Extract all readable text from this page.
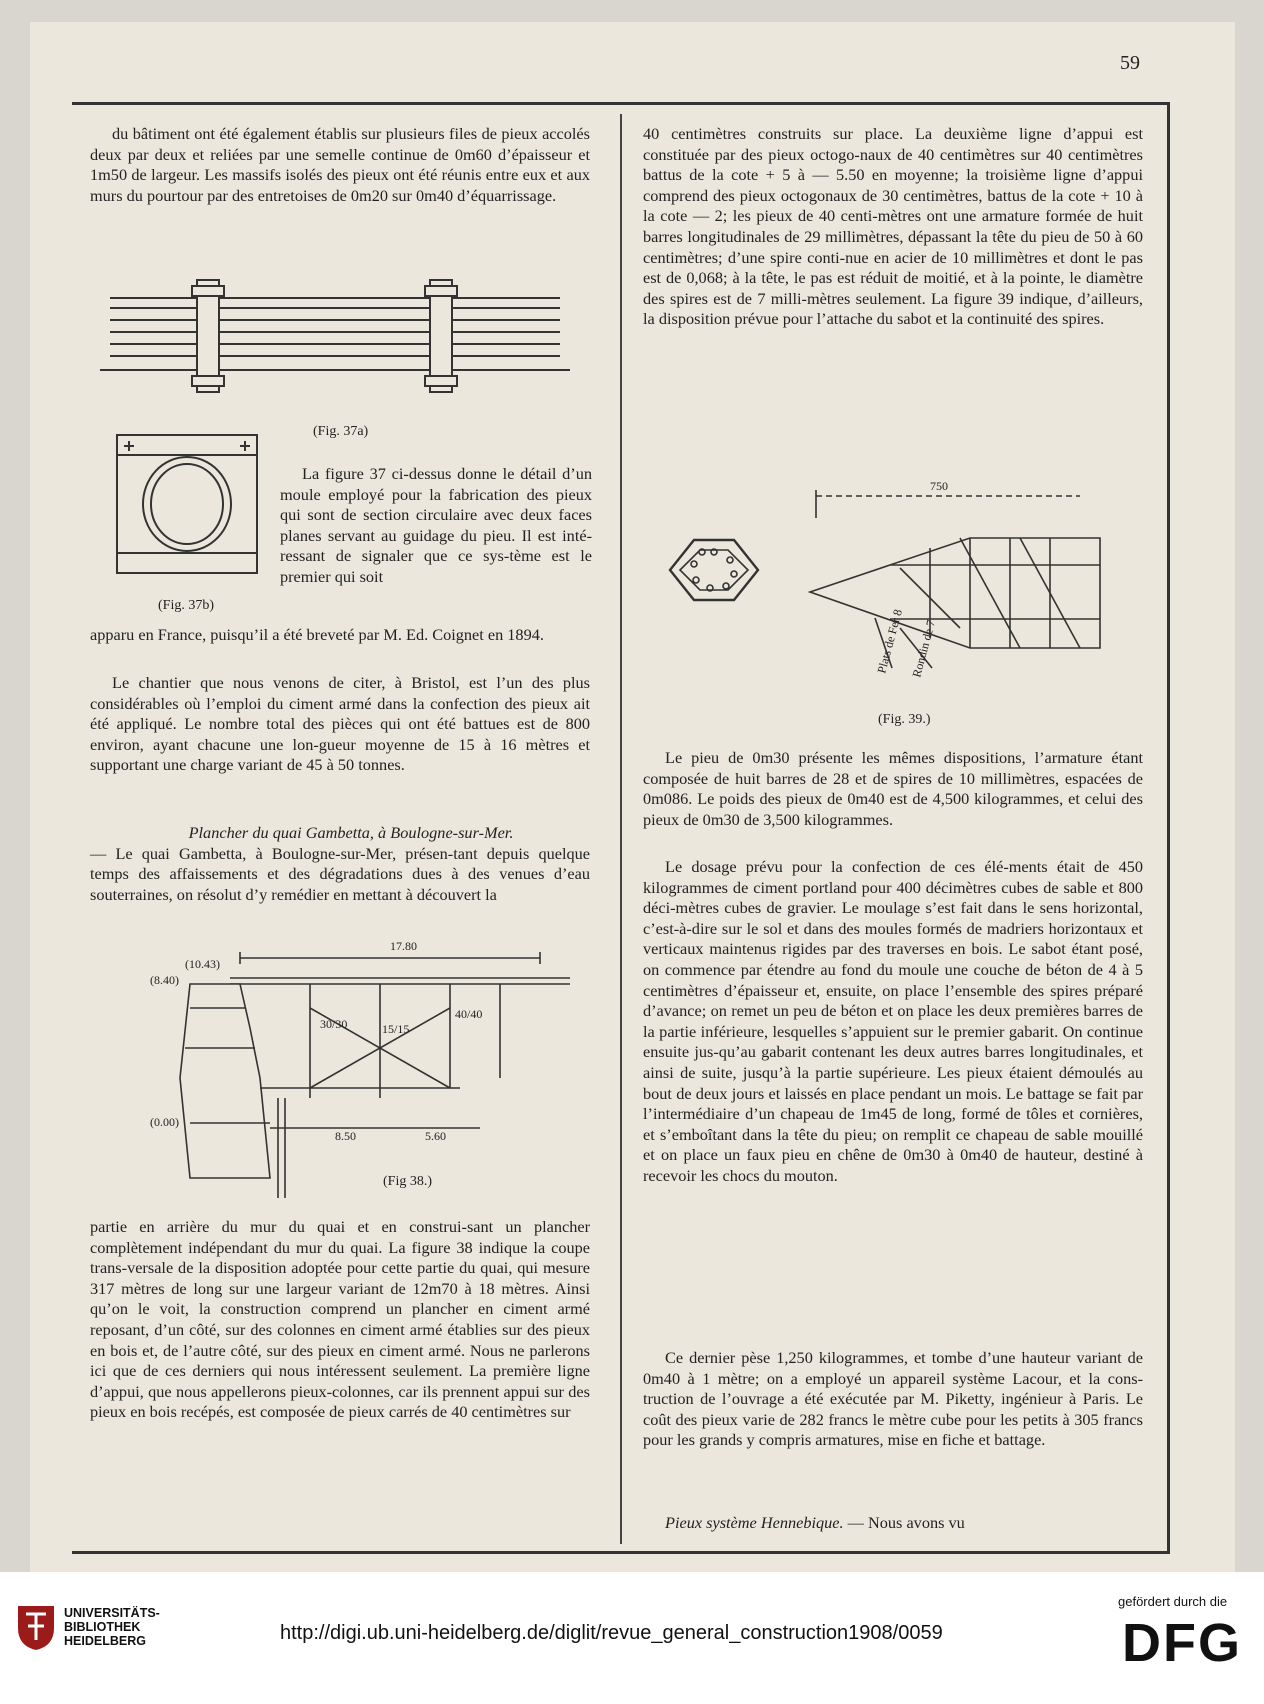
59

du bâtiment ont été également établis sur plusieurs files de pieux accolés deux par deux et reliées par une semelle continue de 0m60 d’épaisseur et 1m50 de largeur. Les massifs isolés des pieux ont été réunis entre eux et aux murs du pourtour par des entretoises de 0m20 sur 0m40 d’équarrissage.

(Fig. 37a)

La figure 37 ci-dessus donne le détail d’un moule employé pour la fabrication des pieux qui sont de section circulaire avec deux faces planes servant au guidage du pieu. Il est inté-ressant de signaler que ce sys-tème est le premier qui soit

(Fig. 37b)

apparu en France, puisqu’il a été breveté par M. Ed. Coignet en 1894.

Le chantier que nous venons de citer, à Bristol, est l’un des plus considérables où l’emploi du ciment armé dans la confection des pieux ait été appliqué. Le nombre total des pièces qui ont été battues est de 800 environ, ayant chacune une lon-gueur moyenne de 15 à 16 mètres et supportant une charge variant de 45 à 50 tonnes.

Plancher du quai Gambetta, à Boulogne-sur-Mer.

— Le quai Gambetta, à Boulogne-sur-Mer, présen-tant depuis quelque temps des affaissements et des dégradations dues à des venues d’eau souterraines, on résolut d’y remédier en mettant à découvert la

17.80
(10.43)
(8.40)
(0.00)
8.50	5.60
30/30	15/15
40/40
(Fig 38.)

partie en arrière du mur du quai et en construi-sant un plancher complètement indépendant du mur du quai. La figure 38 indique la coupe trans-versale de la disposition adoptée pour cette partie du quai, qui mesure 317 mètres de long sur une largeur variant de 12m70 à 18 mètres. Ainsi qu’on le voit, la construction comprend un plancher en ciment armé reposant, d’un côté, sur des colonnes en ciment armé établies sur des pieux en bois et, de l’autre côté, sur des pieux en ciment armé. Nous ne parlerons ici que de ces derniers qui nous intéressent seulement. La première ligne d’appui, que nous appellerons pieux-colonnes, car ils prennent appui sur des pieux en bois recépés, est composée de pieux carrés de 40 centimètres sur

40 centimètres construits sur place. La deuxième ligne d’appui est constituée par des pieux octogo-naux de 40 centimètres sur 40 centimètres battus de la cote + 5 à — 5.50 en moyenne; la troisième ligne d’appui comprend des pieux octogonaux de 30 centimètres, battus de la cote + 10 à la cote — 2; les pieux de 40 centi-mètres ont une armature formée de huit barres longitudinales de 29 millimètres, dépassant la tête du pieu de 50 à 60 centimètres; d’une spire conti-nue en acier de 10 millimètres et dont le pas est de 0,068; à la tête, le pas est réduit de moitié, et à la pointe, le diamètre des spires est de 7 milli-mètres seulement. La figure 39 indique, d’ailleurs, la disposition prévue pour l’attache du sabot et la continuité des spires.

750
Plats de Fer 8 Rondin de 7
(Fig. 39.)

Le pieu de 0m30 présente les mêmes dispositions, l’armature étant composée de huit barres de 28 et de spires de 10 millimètres, espacées de 0m086. Le poids des pieux de 0m40 est de 4,500 kilogrammes, et celui des pieux de 0m30 de 3,500 kilogrammes.

Le dosage prévu pour la confection de ces élé-ments était de 450 kilogrammes de ciment portland pour 400 décimètres cubes de sable et 800 déci-mètres cubes de gravier. Le moulage s’est fait dans le sens horizontal, c’est-à-dire sur le sol et dans des moules formés de madriers horizontaux et verticaux maintenus rigides par des traverses en bois. Le sabot étant posé, on commence par étendre au fond du moule une couche de béton de 4 à 5 centimètres d’épaisseur et, ensuite, on place l’ensemble des spires préparé d’avance; on remet un peu de béton et on place les deux premières barres de la partie inférieure, lesquelles s’appuient sur le premier gabarit. On continue ensuite jus-qu’au gabarit contenant les deux autres barres longitudinales, et ainsi de suite, jusqu’à la partie supérieure. Les pieux étaient démoulés au bout de deux jours et laissés en place pendant un mois. Le battage se fait par l’intermédiaire d’un chapeau de 1m45 de long, formé de tôles et cornières, et s’emboîtant dans la tête du pieu; on remplit ce chapeau de sable mouillé et on place un faux pieu en chêne de 0m30 à 0m40 de hauteur, destiné à recevoir les chocs du mouton.

Ce dernier pèse 1,250 kilogrammes, et tombe d’une hauteur variant de 0m40 à 1 mètre; on a employé un appareil système Lacour, et la cons-truction de l’ouvrage a été exécutée par M. Piketty, ingénieur à Paris. Le coût des pieux varie de 282 francs le mètre cube pour les petits à 305 francs pour les grands y compris armatures, mise en fiche et battage.

Pieux système Hennebique. — Nous avons vu

UNIVERSITÄTS-
BIBLIOTHEK
HEIDELBERG	http://digi.ub.uni-heidelberg.de/diglit/revue_general_construction1908/0059
gefördert durch die
DFG
